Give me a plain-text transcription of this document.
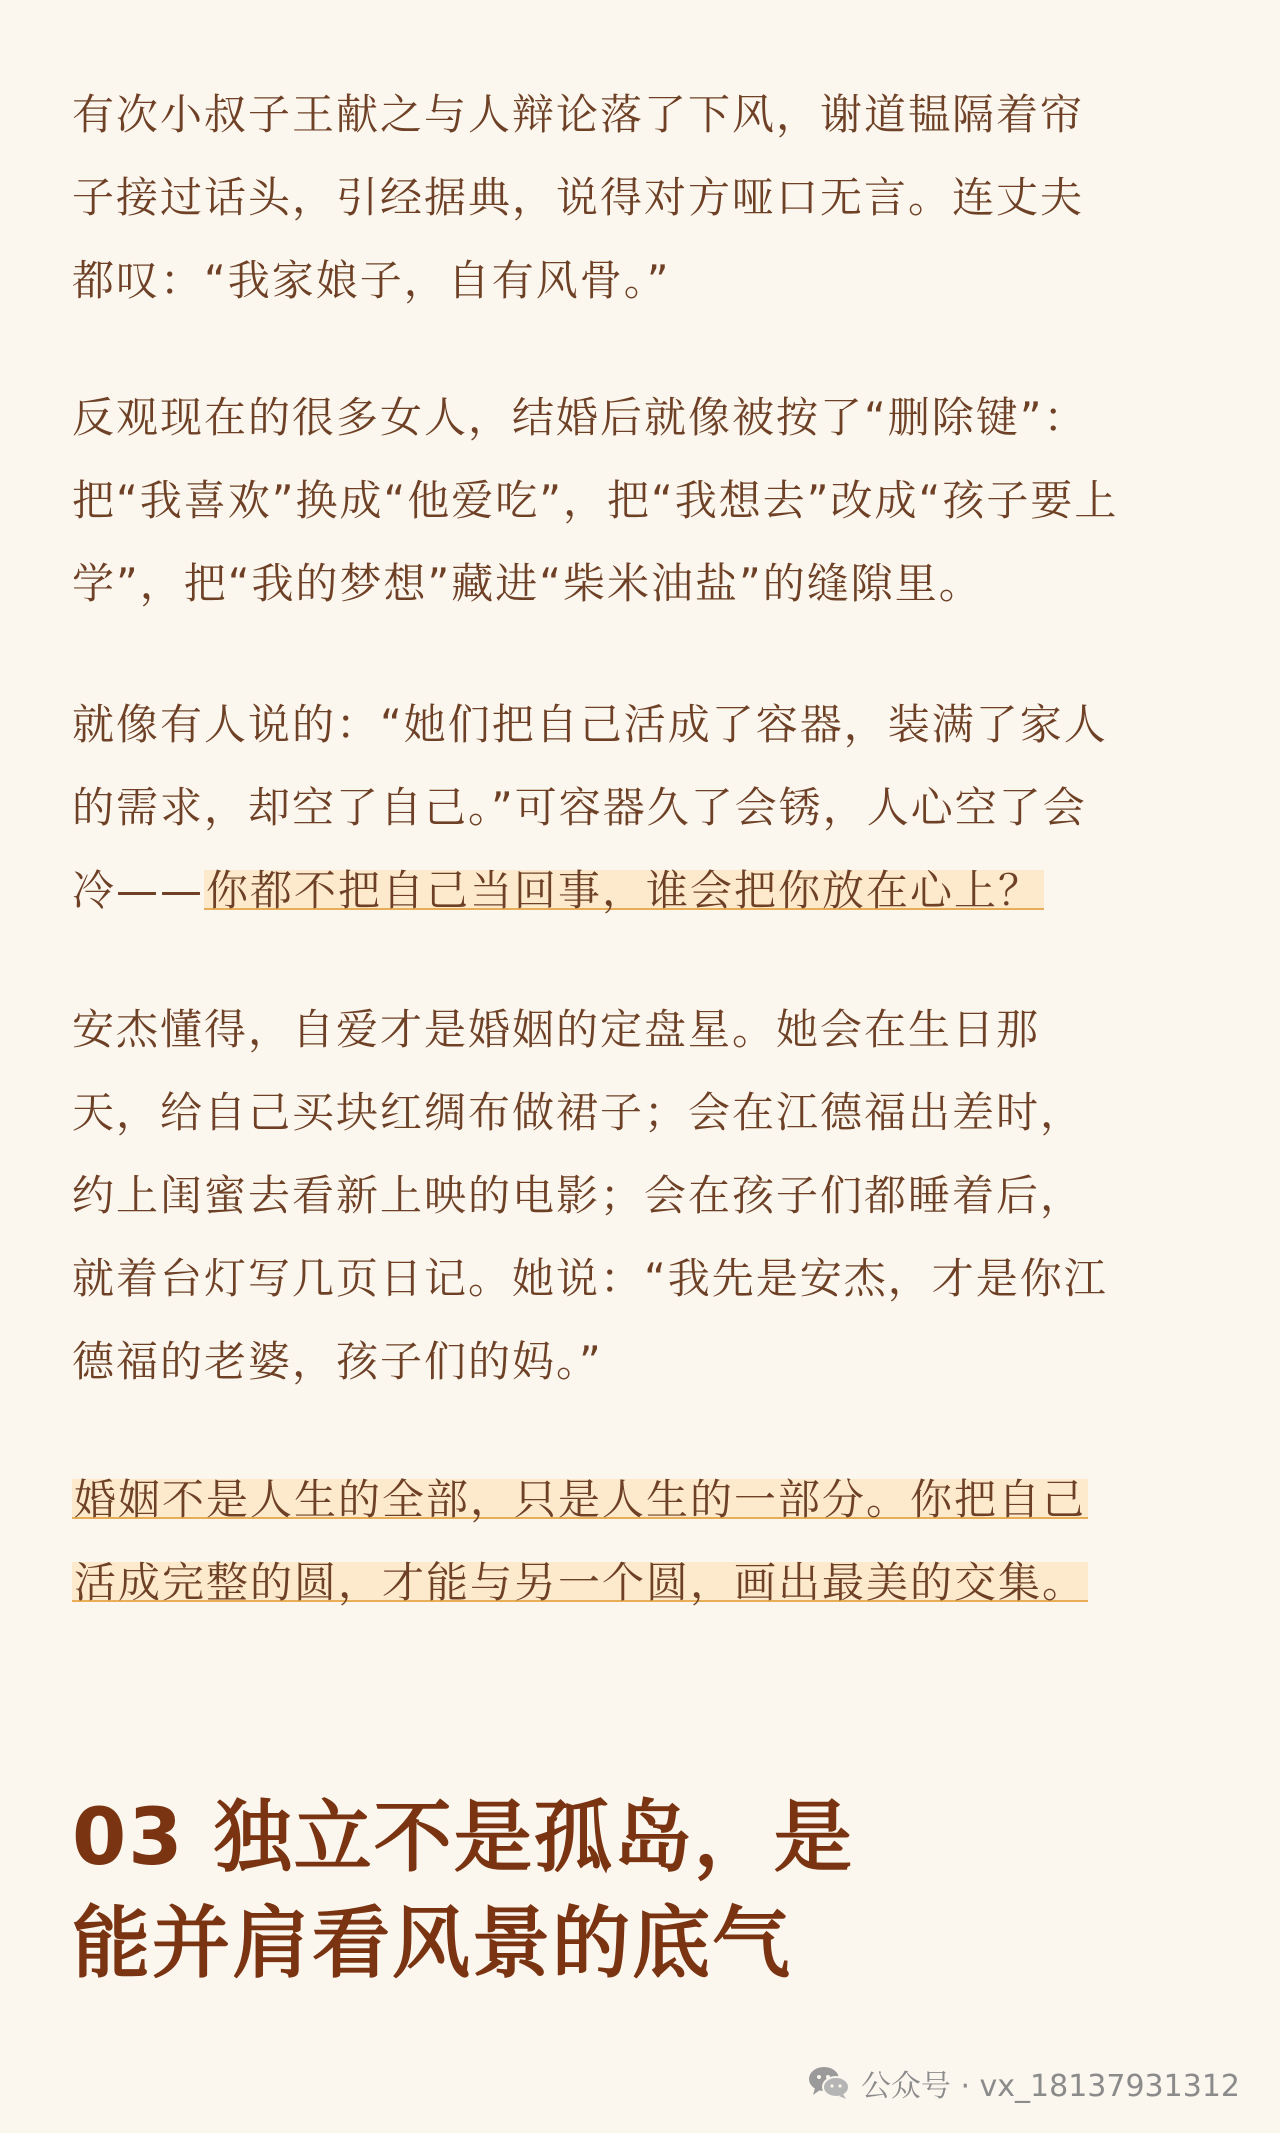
有次小叔子王献之与人辩论落了下风，谢道韫隔着帘
子接过话头，引经据典，说得对方哑口无言。连丈夫
都叹：“我家娘子，自有风骨。”

反观现在的很多女人，结婚后就像被按了“删除键”：
把“我喜欢”换成“他爱吃”，把“我想去”改成“孩子要上
学”，把“我的梦想”藏进“柴米油盐”的缝隙里。

就像有人说的：“她们把自己活成了容器，装满了家人
的需求，却空了自己。”可容器久了会锈，人心空了会
冷——你都不把自己当回事，谁会把你放在心上？

安杰懂得，自爱才是婚姻的定盘星。她会在生日那
天，给自己买块红绸布做裙子；会在江德福出差时，
约上闺蜜去看新上映的电影；会在孩子们都睡着后，
就着台灯写几页日记。她说：“我先是安杰，才是你江
德福的老婆，孩子们的妈。”

婚姻不是人生的全部，只是人生的一部分。你把自己
活成完整的圆，才能与另一个圆，画出最美的交集。

03 独立不是孤岛，是
能并肩看风景的底气
公众号 · vx_18137931312
